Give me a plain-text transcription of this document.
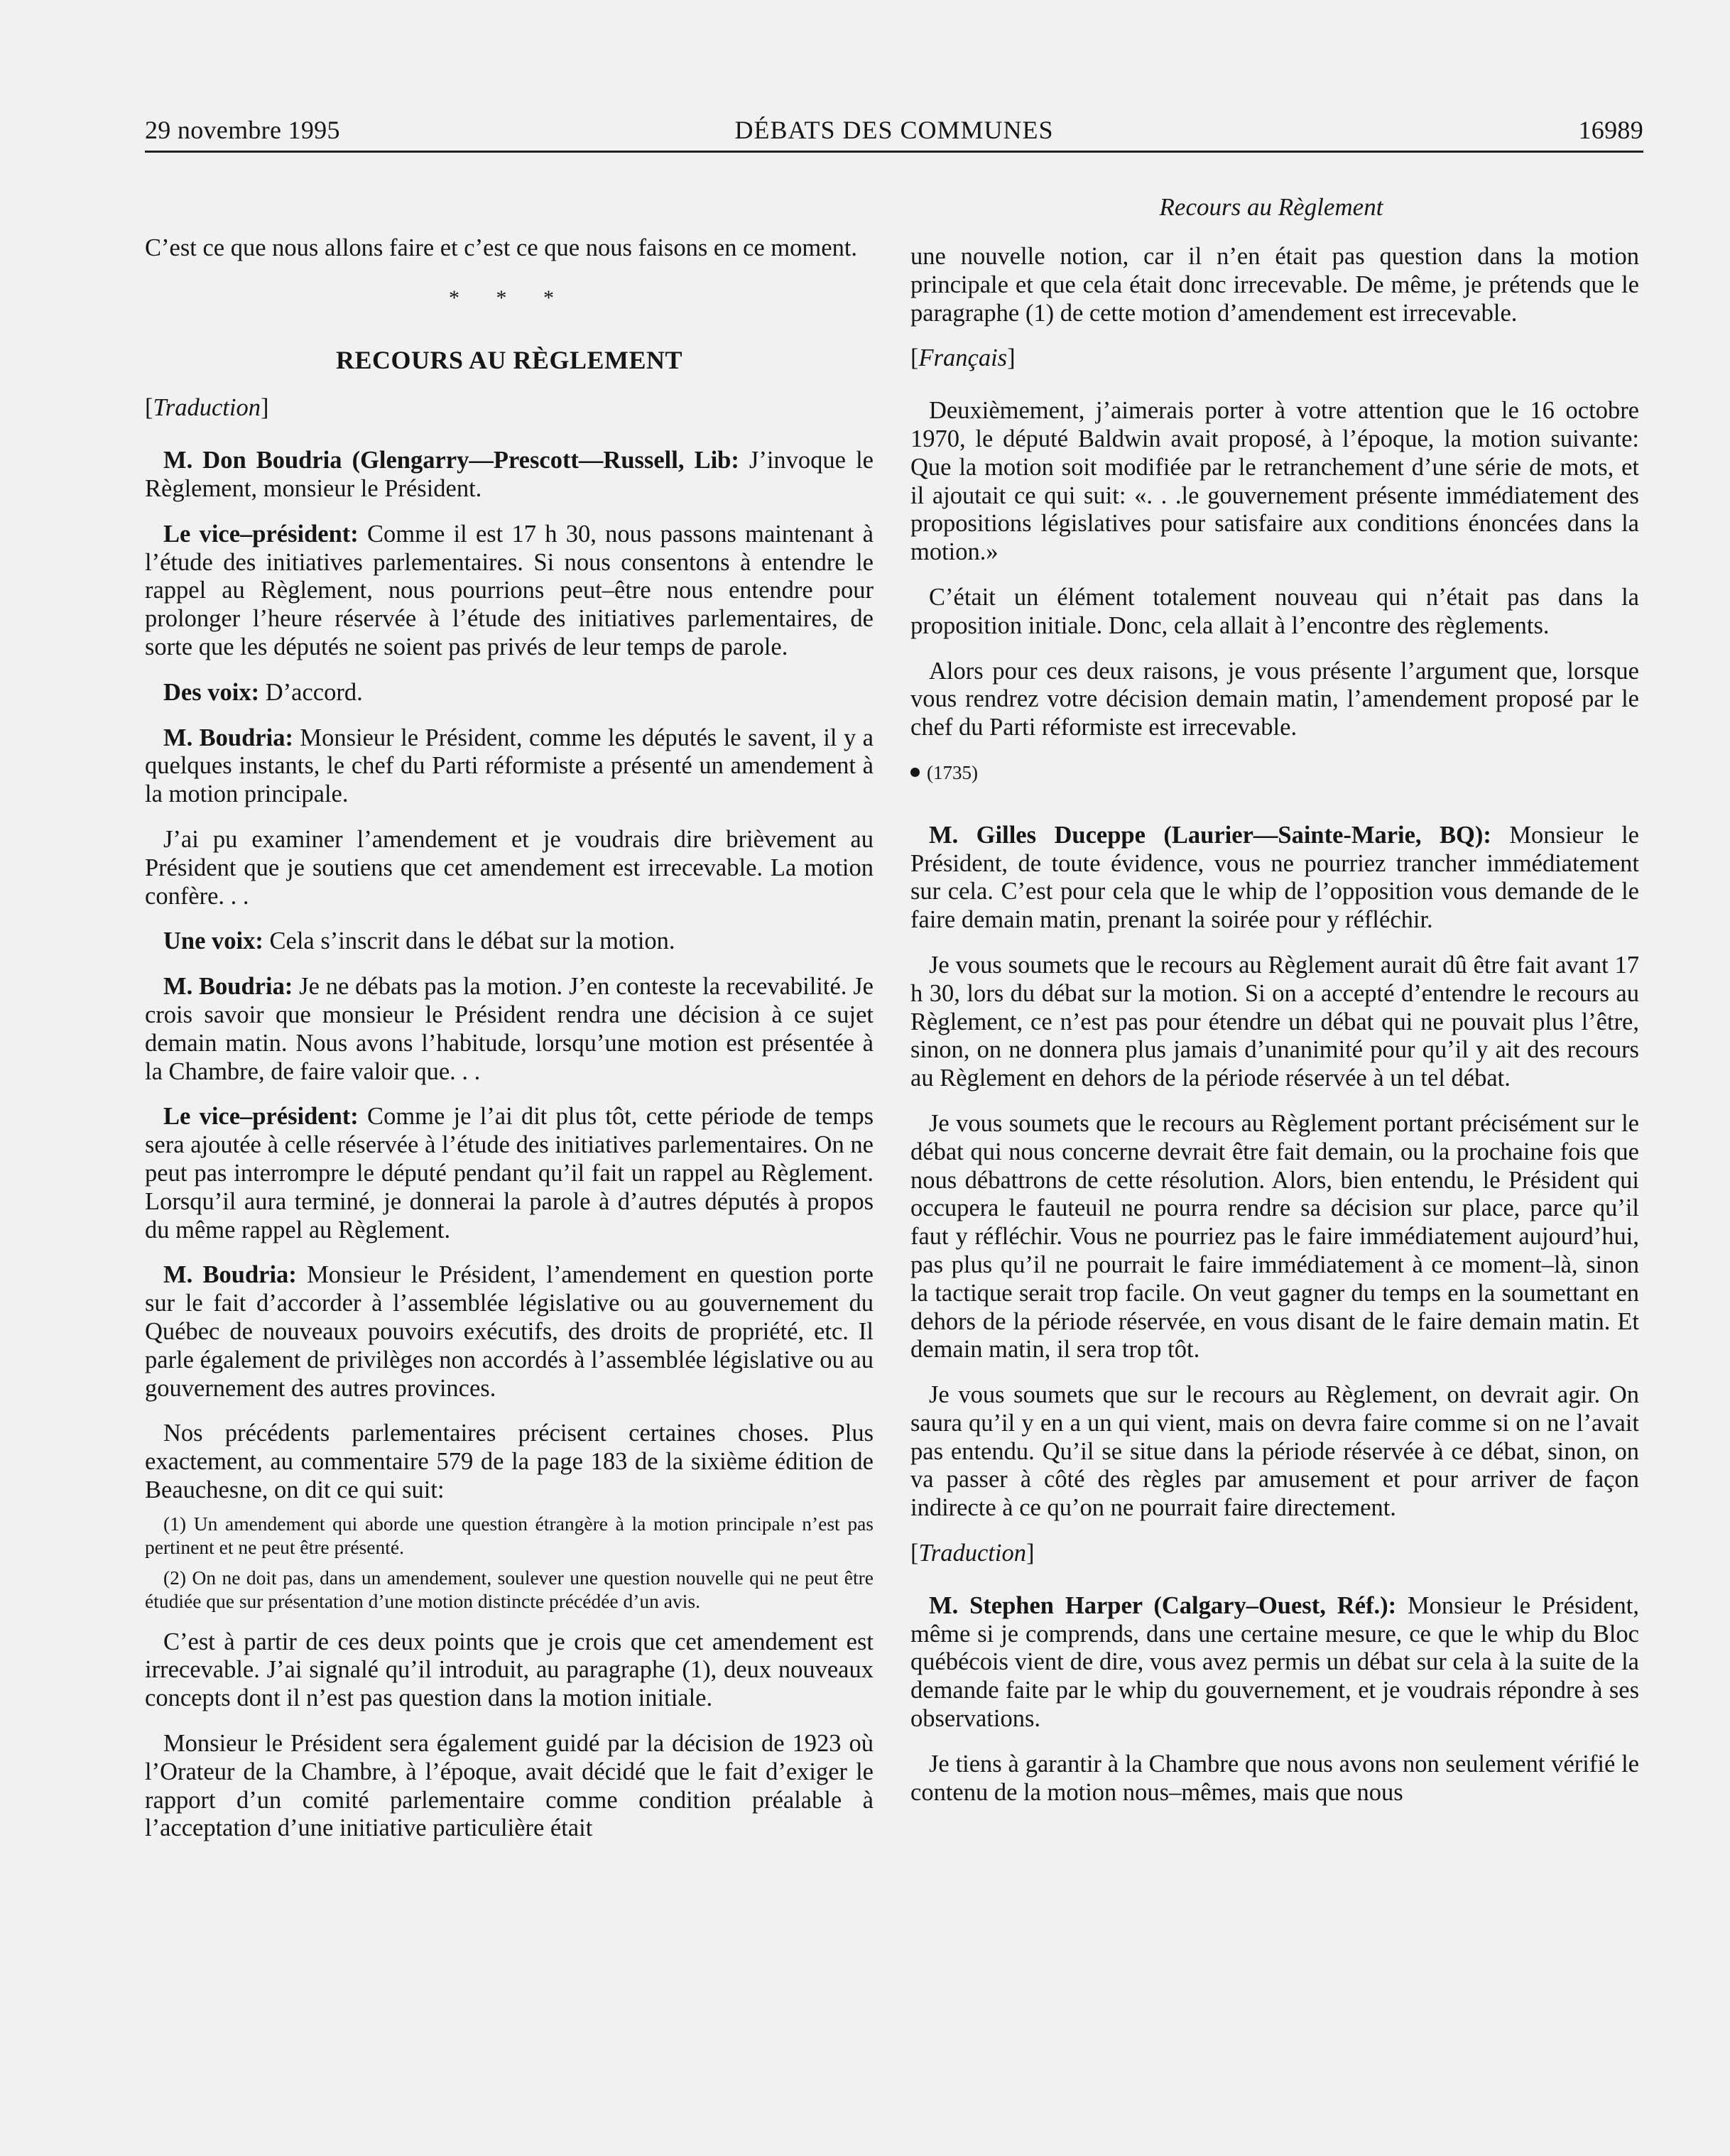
29 novembre 1995	DÉBATS DES COMMUNES	16989
Recours au Règlement

C’est ce que nous allons faire et c’est ce que nous faisons en ce moment.

* * *
RECOURS AU RÈGLEMENT

[Traduction]

M. Don Boudria (Glengarry—Prescott—Russell, Lib: J’invoque le Règlement, monsieur le Président.

Le vice–président: Comme il est 17 h 30, nous passons maintenant à l’étude des initiatives parlementaires. Si nous consentons à entendre le rappel au Règlement, nous pourrions peut–être nous entendre pour prolonger l’heure réservée à l’étude des initiatives parlementaires, de sorte que les députés ne soient pas privés de leur temps de parole.

Des voix: D’accord.

M. Boudria: Monsieur le Président, comme les députés le savent, il y a quelques instants, le chef du Parti réformiste a présenté un amendement à la motion principale.

J’ai pu examiner l’amendement et je voudrais dire brièvement au Président que je soutiens que cet amendement est irrecevable. La motion confère. . .

Une voix: Cela s’inscrit dans le débat sur la motion.

M. Boudria: Je ne débats pas la motion. J’en conteste la recevabilité. Je crois savoir que monsieur le Président rendra une décision à ce sujet demain matin. Nous avons l’habitude, lorsqu’une motion est présentée à la Chambre, de faire valoir que. . .

Le vice–président: Comme je l’ai dit plus tôt, cette période de temps sera ajoutée à celle réservée à l’étude des initiatives parlementaires. On ne peut pas interrompre le député pendant qu’il fait un rappel au Règlement. Lorsqu’il aura terminé, je donnerai la parole à d’autres députés à propos du même rappel au Règlement.

M. Boudria: Monsieur le Président, l’amendement en question porte sur le fait d’accorder à l’assemblée législative ou au gouvernement du Québec de nouveaux pouvoirs exécutifs, des droits de propriété, etc. Il parle également de privilèges non accordés à l’assemblée législative ou au gouvernement des autres provinces.

Nos précédents parlementaires précisent certaines choses. Plus exactement, au commentaire 579 de la page 183 de la sixième édition de Beauchesne, on dit ce qui suit:

(1) Un amendement qui aborde une question étrangère à la motion principale n’est pas pertinent et ne peut être présenté.

(2) On ne doit pas, dans un amendement, soulever une question nouvelle qui ne peut être étudiée que sur présentation d’une motion distincte précédée d’un avis.

C’est à partir de ces deux points que je crois que cet amendement est irrecevable. J’ai signalé qu’il introduit, au paragraphe (1), deux nouveaux concepts dont il n’est pas question dans la motion initiale.

Monsieur le Président sera également guidé par la décision de 1923 où l’Orateur de la Chambre, à l’époque, avait décidé que le fait d’exiger le rapport d’un comité parlementaire comme condition préalable à l’acceptation d’une initiative particulière était

une nouvelle notion, car il n’en était pas question dans la motion principale et que cela était donc irrecevable. De même, je prétends que le paragraphe (1) de cette motion d’amendement est irrecevable.

[Français]

Deuxièmement, j’aimerais porter à votre attention que le 16 octobre 1970, le député Baldwin avait proposé, à l’époque, la motion suivante: Que la motion soit modifiée par le retranchement d’une série de mots, et il ajoutait ce qui suit: «. . .le gouvernement présente immédiatement des propositions législatives pour satisfaire aux conditions énoncées dans la motion.»

C’était un élément totalement nouveau qui n’était pas dans la proposition initiale. Donc, cela allait à l’encontre des règlements.

Alors pour ces deux raisons, je vous présente l’argument que, lorsque vous rendrez votre décision demain matin, l’amendement proposé par le chef du Parti réformiste est irrecevable.

(1735)

M. Gilles Duceppe (Laurier—Sainte-Marie, BQ): Monsieur le Président, de toute évidence, vous ne pourriez trancher immédiatement sur cela. C’est pour cela que le whip de l’opposition vous demande de le faire demain matin, prenant la soirée pour y réfléchir.

Je vous soumets que le recours au Règlement aurait dû être fait avant 17 h 30, lors du débat sur la motion. Si on a accepté d’entendre le recours au Règlement, ce n’est pas pour étendre un débat qui ne pouvait plus l’être, sinon, on ne donnera plus jamais d’unanimité pour qu’il y ait des recours au Règlement en dehors de la période réservée à un tel débat.

Je vous soumets que le recours au Règlement portant précisément sur le débat qui nous concerne devrait être fait demain, ou la prochaine fois que nous débattrons de cette résolution. Alors, bien entendu, le Président qui occupera le fauteuil ne pourra rendre sa décision sur place, parce qu’il faut y réfléchir. Vous ne pourriez pas le faire immédiatement aujourd’hui, pas plus qu’il ne pourrait le faire immédiatement à ce moment–là, sinon la tactique serait trop facile. On veut gagner du temps en la soumettant en dehors de la période réservée, en vous disant de le faire demain matin. Et demain matin, il sera trop tôt.

Je vous soumets que sur le recours au Règlement, on devrait agir. On saura qu’il y en a un qui vient, mais on devra faire comme si on ne l’avait pas entendu. Qu’il se situe dans la période réservée à ce débat, sinon, on va passer à côté des règles par amusement et pour arriver de façon indirecte à ce qu’on ne pourrait faire directement.

[Traduction]

M. Stephen Harper (Calgary–Ouest, Réf.): Monsieur le Président, même si je comprends, dans une certaine mesure, ce que le whip du Bloc québécois vient de dire, vous avez permis un débat sur cela à la suite de la demande faite par le whip du gouvernement, et je voudrais répondre à ses observations.

Je tiens à garantir à la Chambre que nous avons non seulement vérifié le contenu de la motion nous–mêmes, mais que nous
